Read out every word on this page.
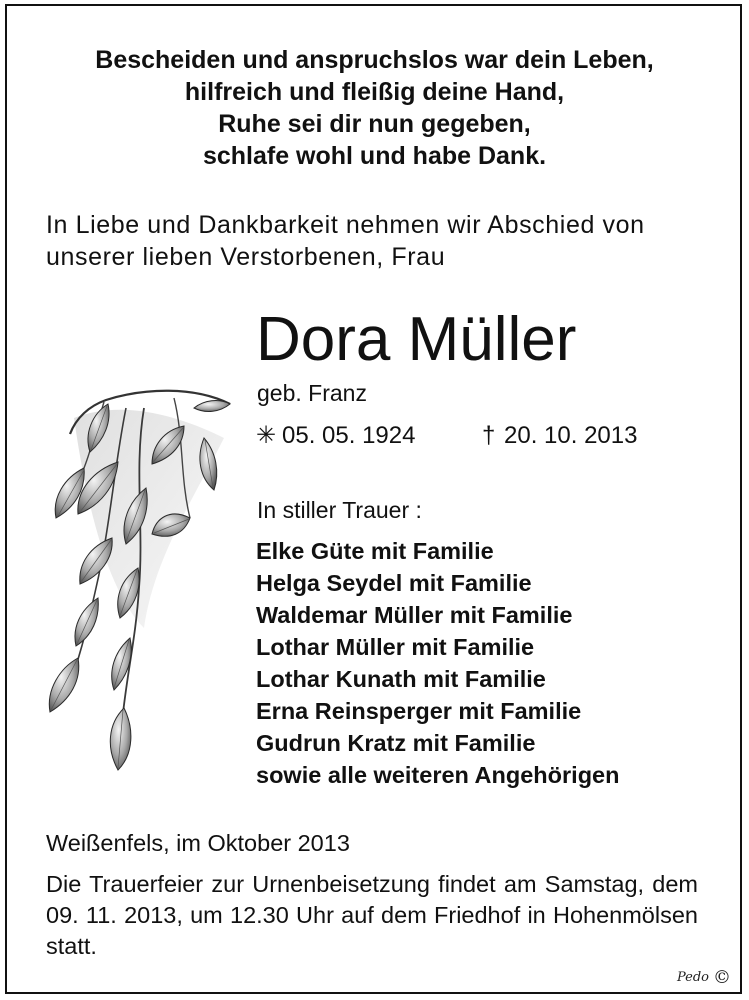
Bescheiden und anspruchslos war dein Leben,
hilfreich und fleißig deine Hand,
Ruhe sei dir nun gegeben,
schlafe wohl und habe Dank.
In Liebe und Dankbarkeit nehmen wir Abschied von unserer lieben Verstorbenen, Frau
Dora Müller
geb. Franz
✳ 05. 05. 1924	† 20. 10. 2013
In stiller Trauer :
Elke Güte mit Familie
Helga Seydel mit Familie
Waldemar Müller mit Familie
Lothar Müller mit Familie
Lothar Kunath mit Familie
Erna Reinsperger mit Familie
Gudrun Kratz mit Familie
sowie alle weiteren Angehörigen
Weißenfels, im Oktober 2013
Die Trauerfeier zur Urnenbeisetzung findet am Samstag, dem 09. 11. 2013, um 12.30 Uhr auf dem Friedhof in Hohenmölsen statt.
Pedo ©
